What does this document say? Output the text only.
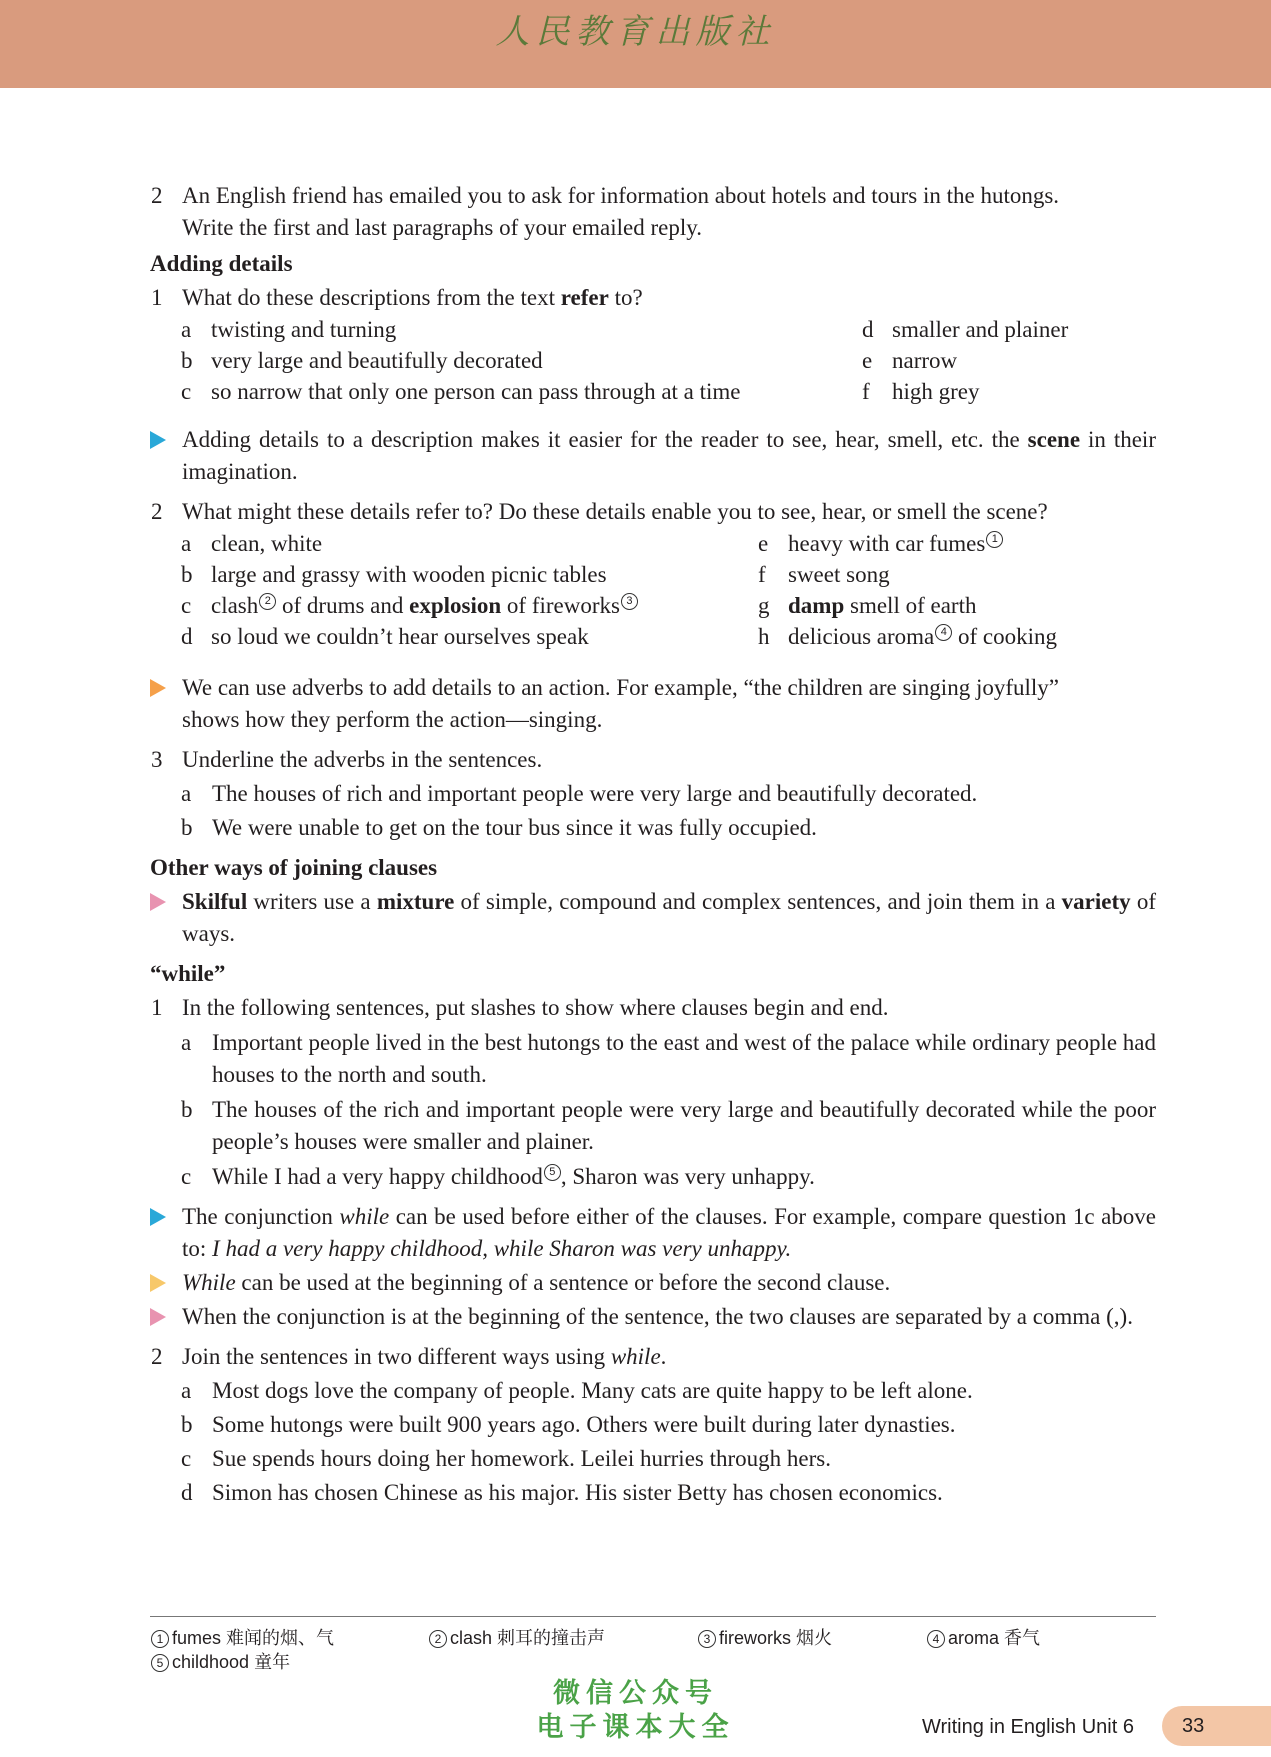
人民教育出版社
2 An English friend has emailed you to ask for information about hotels and tours in the hutongs.
Write the first and last paragraphs of your emailed reply.
Adding details
1 What do these descriptions from the text refer to?
a twisting and turning
b very large and beautifully decorated
c so narrow that only one person can pass through at a time
d smaller and plainer
e narrow
f high grey
Adding details to a description makes it easier for the reader to see, hear, smell, etc. the scene in their imagination.
2 What might these details refer to? Do these details enable you to see, hear, or smell the scene?
a clean, white
b large and grassy with wooden picnic tables
c clash 2 of drums and explosion of fireworks 3
d so loud we couldn’t hear ourselves speak
e heavy with car fumes 1
f sweet song
g damp smell of earth
h delicious aroma 4 of cooking
We can use adverbs to add details to an action. For example, “the children are singing joyfully”
shows how they perform the action—singing.
3 Underline the adverbs in the sentences.
a The houses of rich and important people were very large and beautifully decorated.
b We were unable to get on the tour bus since it was fully occupied.
Other ways of joining clauses
Skilful writers use a mixture of simple, compound and complex sentences, and join them in a variety of ways.
“while”
1 In the following sentences, put slashes to show where clauses begin and end.
a Important people lived in the best hutongs to the east and west of the palace while ordinary people had houses to the north and south.
b The houses of the rich and important people were very large and beautifully decorated while the poor people’s houses were smaller and plainer.
c While I had a very happy childhood 5 , Sharon was very unhappy.
The conjunction while can be used before either of the clauses. For example, compare question 1c above to: I had a very happy childhood, while Sharon was very unhappy.
While can be used at the beginning of a sentence or before the second clause.
When the conjunction is at the beginning of the sentence, the two clauses are separated by a comma (,).
2 Join the sentences in two different ways using while.
a Most dogs love the company of people. Many cats are quite happy to be left alone.
b Some hutongs were built 900 years ago. Others were built during later dynasties.
c Sue spends hours doing her homework. Leilei hurries through hers.
d Simon has chosen Chinese as his major. His sister Betty has chosen economics.
1 fumes 难闻的烟、气	2 clash 刺耳的撞击声	3 fireworks 烟火	4 aroma 香气
5 childhood 童年
微信公众号
电子课本大全	Writing in English Unit 6	33
